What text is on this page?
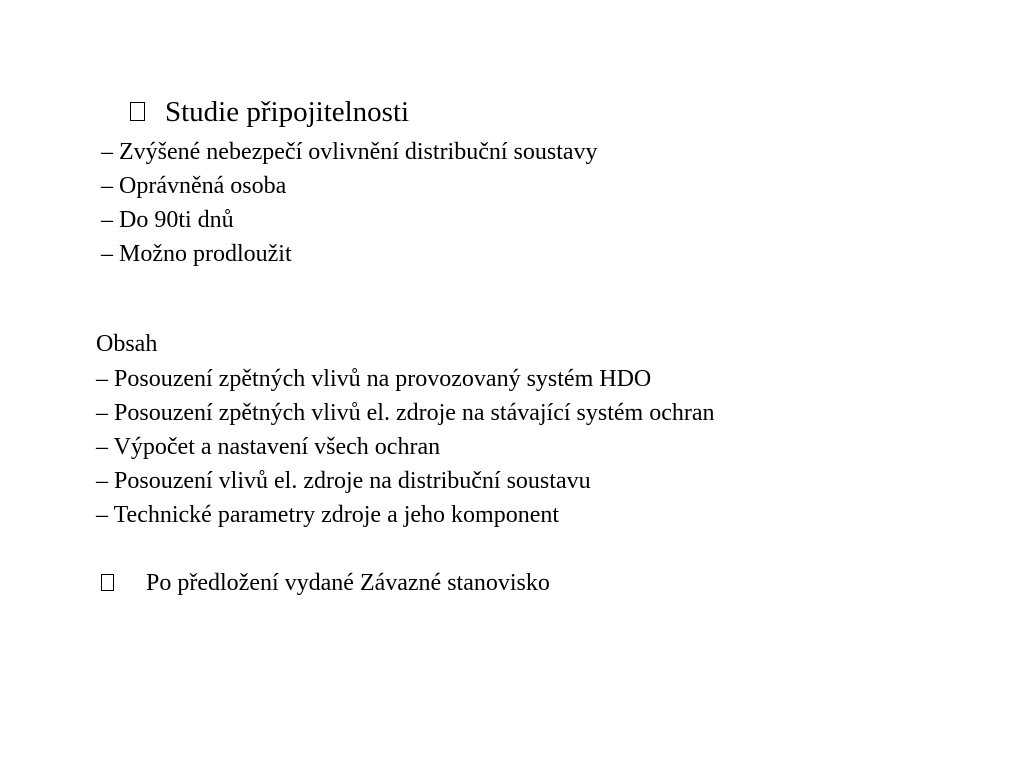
Studie připojitelnosti
– Zvýšené nebezpečí ovlivnění distribuční soustavy
– Oprávněná osoba
– Do 90ti dnů
– Možno prodloužit
Obsah
– Posouzení zpětných vlivů na provozovaný systém HDO
– Posouzení zpětných vlivů el. zdroje na stávající systém ochran
– Výpočet a nastavení všech ochran
– Posouzení vlivů el. zdroje na distribuční soustavu
– Technické parametry zdroje a jeho komponent
Po předložení vydané Závazné stanovisko
